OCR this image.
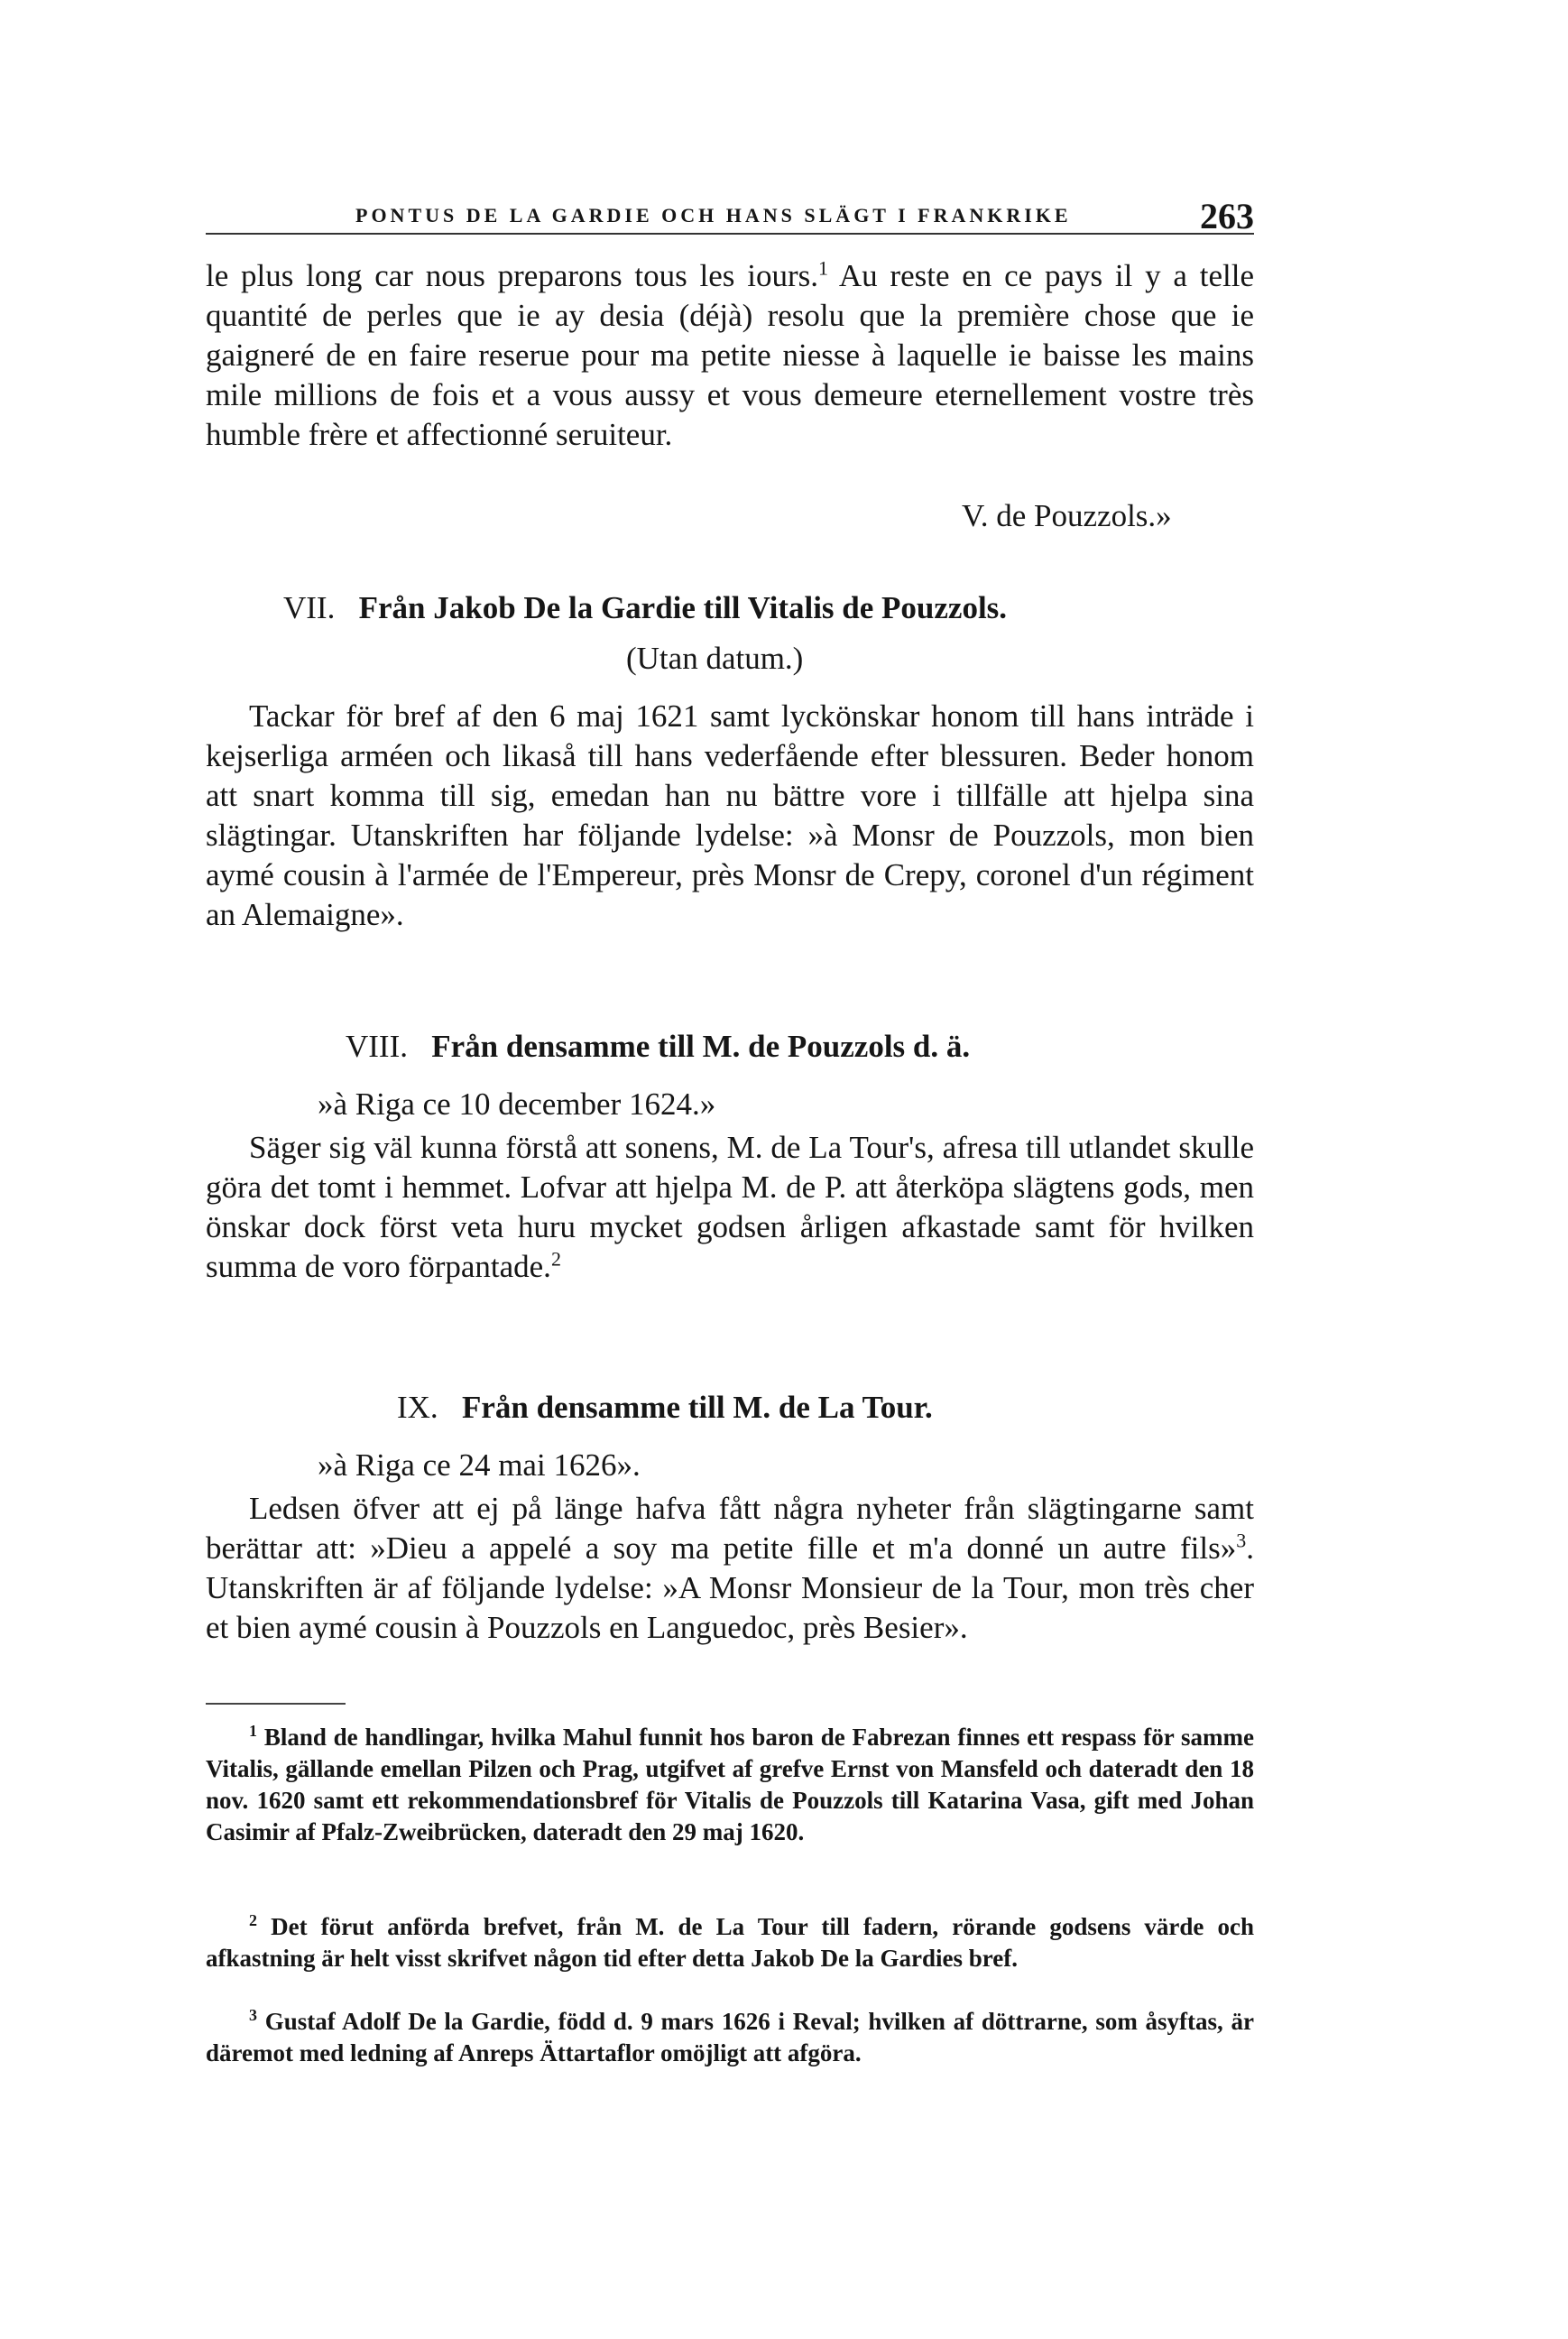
PONTUS DE LA GARDIE OCH HANS SLÄGT I FRANKRIKE	263

le plus long car nous preparons tous les iours.$^1$ Au reste en ce pays il y a telle quantité de perles que ie ay desia (déjà) resolu que la première chose que ie gaigneré de en faire reserue pour ma petite niesse à laquelle ie baisse les mains mile millions de fois et a vous aussy et vous demeure eternellement vostre très humble frère et affectionné seruiteur.

V. de Pouzzols.»
VII. Från Jakob De la Gardie till Vitalis de Pouzzols.
(Utan datum.)

Tackar för bref af den 6 maj 1621 samt lyckönskar honom till hans inträde i kejserliga arméen och likaså till hans vederfående efter blessuren. Beder honom att snart komma till sig, emedan han nu bättre vore i tillfälle att hjelpa sina slägtingar. Utanskriften har följande lydelse: »à Monsr de Pouzzols, mon bien aymé cousin à l'armée de l'Empereur, près Monsr de Crepy, coronel d'un régiment an Alemaigne».

VIII. Från densamme till M. de Pouzzols d. ä.
»à Riga ce 10 december 1624.»

Säger sig väl kunna förstå att sonens, M. de La Tour's, afresa till utlandet skulle göra det tomt i hemmet. Lofvar att hjelpa M. de P. att återköpa slägtens gods, men önskar dock först veta huru mycket godsen årligen afkastade samt för hvilken summa de voro förpantade.$^2$

IX. Från densamme till M. de La Tour.
»à Riga ce 24 mai 1626».

Ledsen öfver att ej på länge hafva fått några nyheter från slägtingarne samt berättar att: »Dieu a appelé a soy ma petite fille et m'a donné un autre fils»$^3$. Utanskriften är af följande lydelse: »A Monsr Monsieur de la Tour, mon très cher et bien aymé cousin à Pouzzols en Languedoc, près Besier».

$^1$ Bland de handlingar, hvilka Mahul funnit hos baron de Fabrezan finnes ett respass för samme Vitalis, gällande emellan Pilzen och Prag, utgifvet af grefve Ernst von Mansfeld och dateradt den 18 nov. 1620 samt ett rekommendationsbref för Vitalis de Pouzzols till Katarina Vasa, gift med Johan Casimir af Pfalz-Zweibrücken, dateradt den 29 maj 1620.

$^2$ Det förut anförda brefvet, från M. de La Tour till fadern, rörande godsens värde och afkastning är helt visst skrifvet någon tid efter detta Jakob De la Gardies bref.

$^3$ Gustaf Adolf De la Gardie, född d. 9 mars 1626 i Reval; hvilken af döttrarne, som åsyftas, är däremot med ledning af Anreps Ättartaflor omöjligt att afgöra.
